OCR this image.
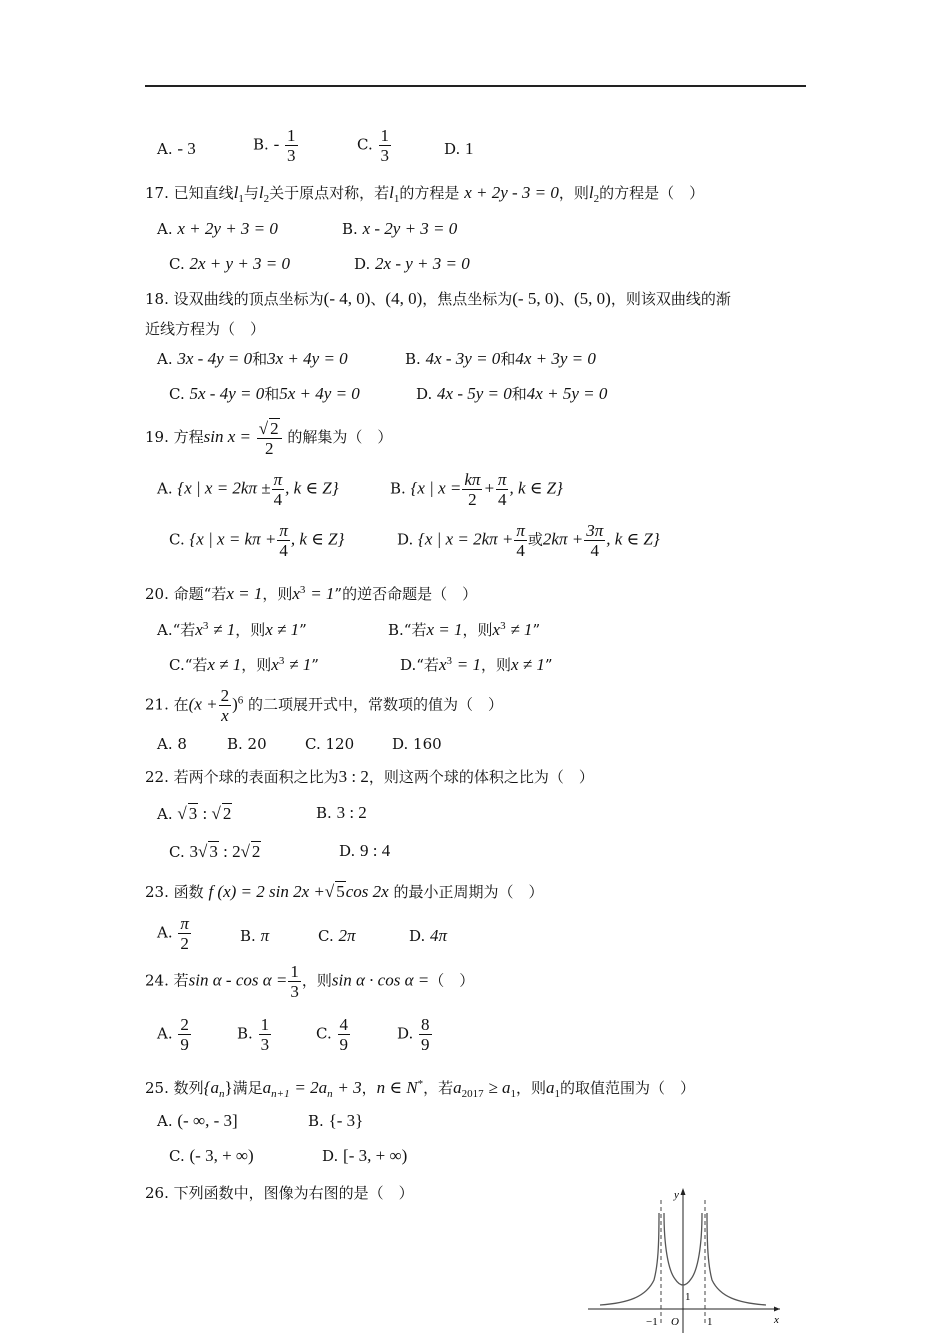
A. - 3	B. - $\frac{1}{3}$	C. $\frac{1}{3}$	D. 1
17. 已知直线$l_1$与$l_2$关于原点对称，若$l_1$的方程是 x + 2y - 3 = 0，则$l_2$的方程是（　）
A. x + 2y + 3 = 0	B. x - 2y + 3 = 0
C. 2x + y + 3 = 0	D. 2x - y + 3 = 0
18. 设双曲线的顶点坐标为(- 4, 0)、(4, 0)，焦点坐标为(- 5, 0)、(5, 0)，则该双曲线的渐
近线方程为（　）
A. 3x - 4y = 0和3x + 4y = 0	B. 4x - 3y = 0和4x + 3y = 0
C. 5x - 4y = 0和5x + 4y = 0	D. 4x - 5y = 0和4x + 5y = 0
19. 方程$\sin x = \frac{√ 2}{2}$ 的解集为（　）
A. {x | $x = 2k\pi \pm \frac{\pi}{4}$ , k ∈ Z}	B. {x | $x = \frac{k\pi}{2} + \frac{\pi}{4}$ , k ∈ Z}
C. {x | $x = k\pi + \frac{\pi}{4}$ , k ∈ Z}	D. {x | $x = 2k\pi + \frac{\pi}{4}$ 或$2k\pi + \frac{3\pi}{4}$ , k ∈ Z}
20. 命题“若x = 1，则$x^3 = 1$”的逆否命题是（　）
A.“若$x^3 \ne 1$，则x ≠ 1”	B.“若x = 1，则$x^3 \ne 1$”
C.“若x ≠ 1，则$x^3 \ne 1$”	D.“若$x^3 = 1$，则x ≠ 1”
21. 在$(x + \frac{2}{x} )^6$ 的二项展开式中，常数项的值为（　）
A. 8	B. 20	C. 120	D. 160
22. 若两个球的表面积之比为3 : 2，则这两个球的体积之比为（　）
A. √ 3 : √ 2	B. 3 : 2
C. 3√ 3 : 2√ 2	D. 9 : 4
23. 函数 f (x) = 2 sin 2x +√ 5cos 2x 的最小正周期为（　）
A. $\frac{\pi}{2}$	B. π	C. 2π	D. 4π
24. 若$\sin \alpha - \cos \alpha = \frac{1}{3}$ ，则sin α · cos α =（　）
A. $\frac{2}{9}$	B. $\frac{1}{3}$	C. $\frac{4}{9}$	D. $\frac{8}{9}$
25. 数列$\{a_n\}$满足$a_{n+1} = 2a_n + 3$，n ∈ N*，若$a_{2017} \ge a_1$，则$a_1$的取值范围为（　）
A. (- ∞, - 3]	B. {- 3}
C. (- 3, + ∞)	D. [- 3, + ∞)
26. 下列函数中，图像为右图的是（　）	y
x
1
−1 O	1
